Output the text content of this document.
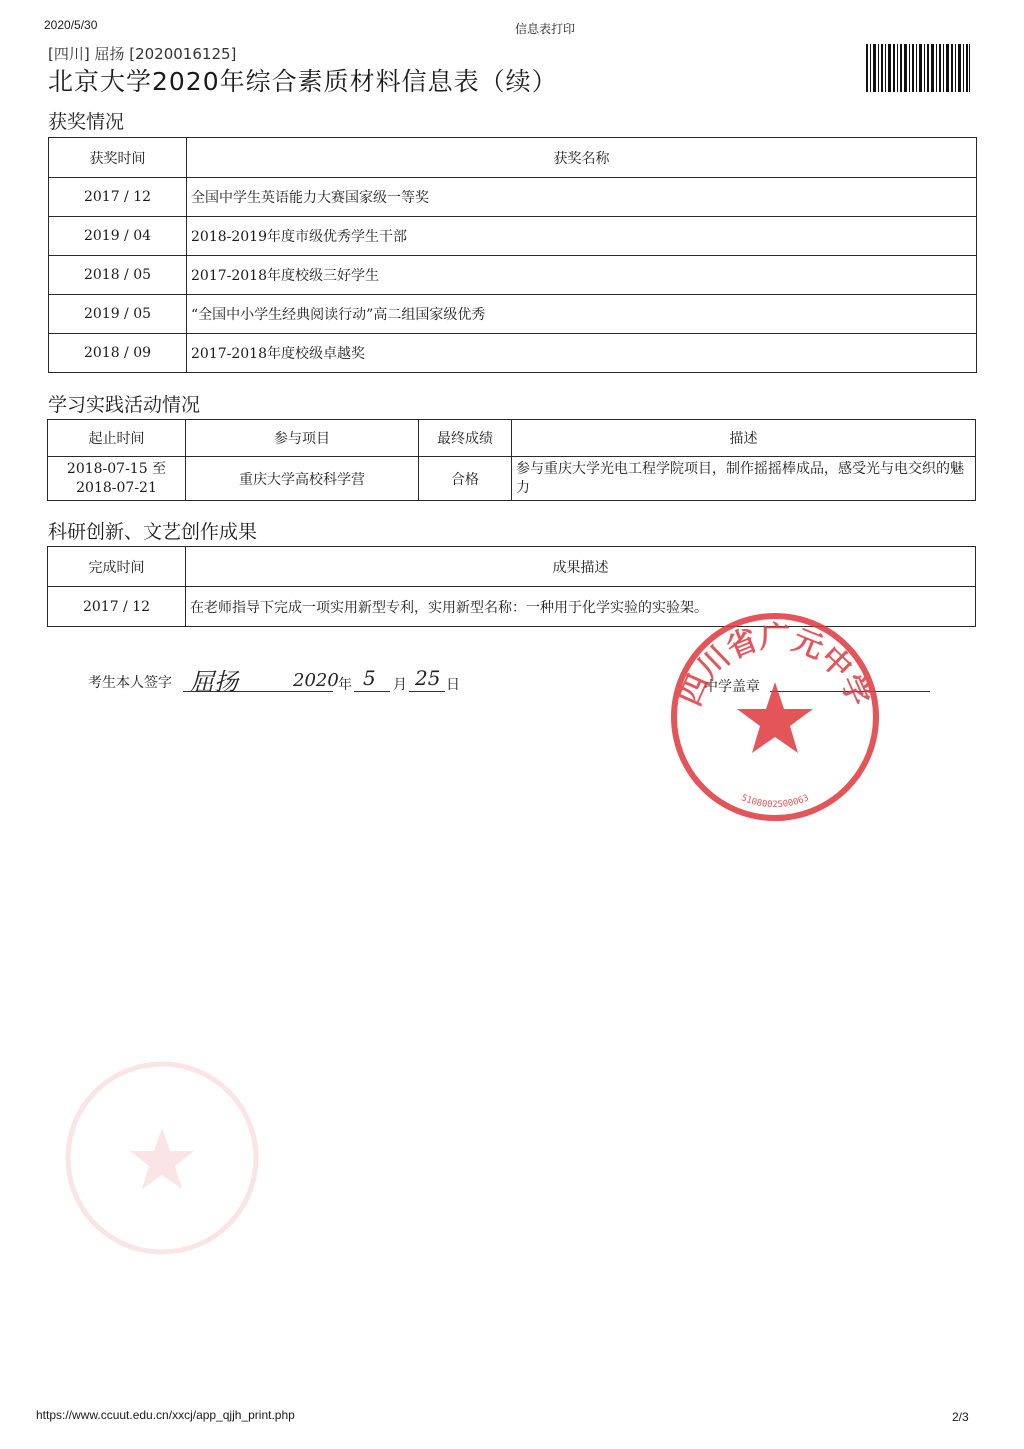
2020/5/30	信息表打印
[四川] 屈扬 [2020016125]
北京大学2020年综合素质材料信息表（续）
获奖情况
获奖时间	获奖名称
2017 / 12	全国中学生英语能力大赛国家级一等奖
2019 / 04	2018-2019年度市级优秀学生干部
2018 / 05	2017-2018年度校级三好学生
2019 / 05	“全国中小学生经典阅读行动”高二组国家级优秀
2018 / 09	2017-2018年度校级卓越奖
学习实践活动情况
起止时间	参与项目	最终成绩	描述
2018-07-15 至 2018-07-21	重庆大学高校科学营	合格	参与重庆大学光电工程学院项目，制作摇摇棒成品，感受光与电交织的魅力
科研创新、文艺创作成果
完成时间	成果描述
2017 / 12	在老师指导下完成一项实用新型专利，实用新型名称：一种用于化学实验的实验架。
考生本人签字 屈扬	2020 年 5 月 25 日	中学盖章
四川省广元中学
5108002500063
https://www.ccuut.edu.cn/xxcj/app_qjjh_print.php	2/3
